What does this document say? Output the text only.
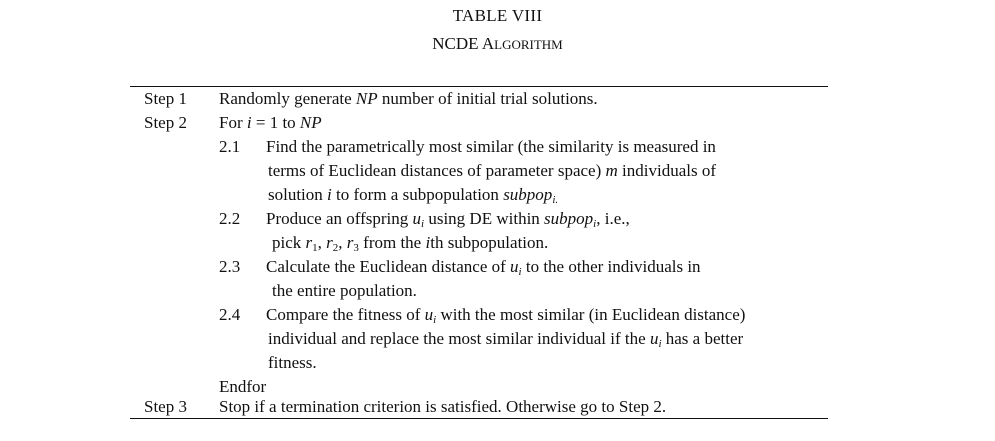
TABLE VIII
NCDE ALGORITHM
Step 1 Randomly generate NP number of initial trial solutions.
Step 2 For i = 1 to NP
2.1 Find the parametrically most similar (the similarity is measured in
terms of Euclidean distances of parameter space) m individuals of
solution i to form a subpopulation subpop$_{i.}$
2.2 Produce an offspring $u_i$ using DE within subpop$_i$, i.e.,
pick $r_1$, $r_2$, $r_3$ from the ith subpopulation.
2.3 Calculate the Euclidean distance of $u_i$ to the other individuals in
the entire population.
2.4 Compare the fitness of $u_i$ with the most similar (in Euclidean distance)
individual and replace the most similar individual if the $u_i$ has a better
fitness.
Endfor
Step 3 Stop if a termination criterion is satisfied. Otherwise go to Step 2.
